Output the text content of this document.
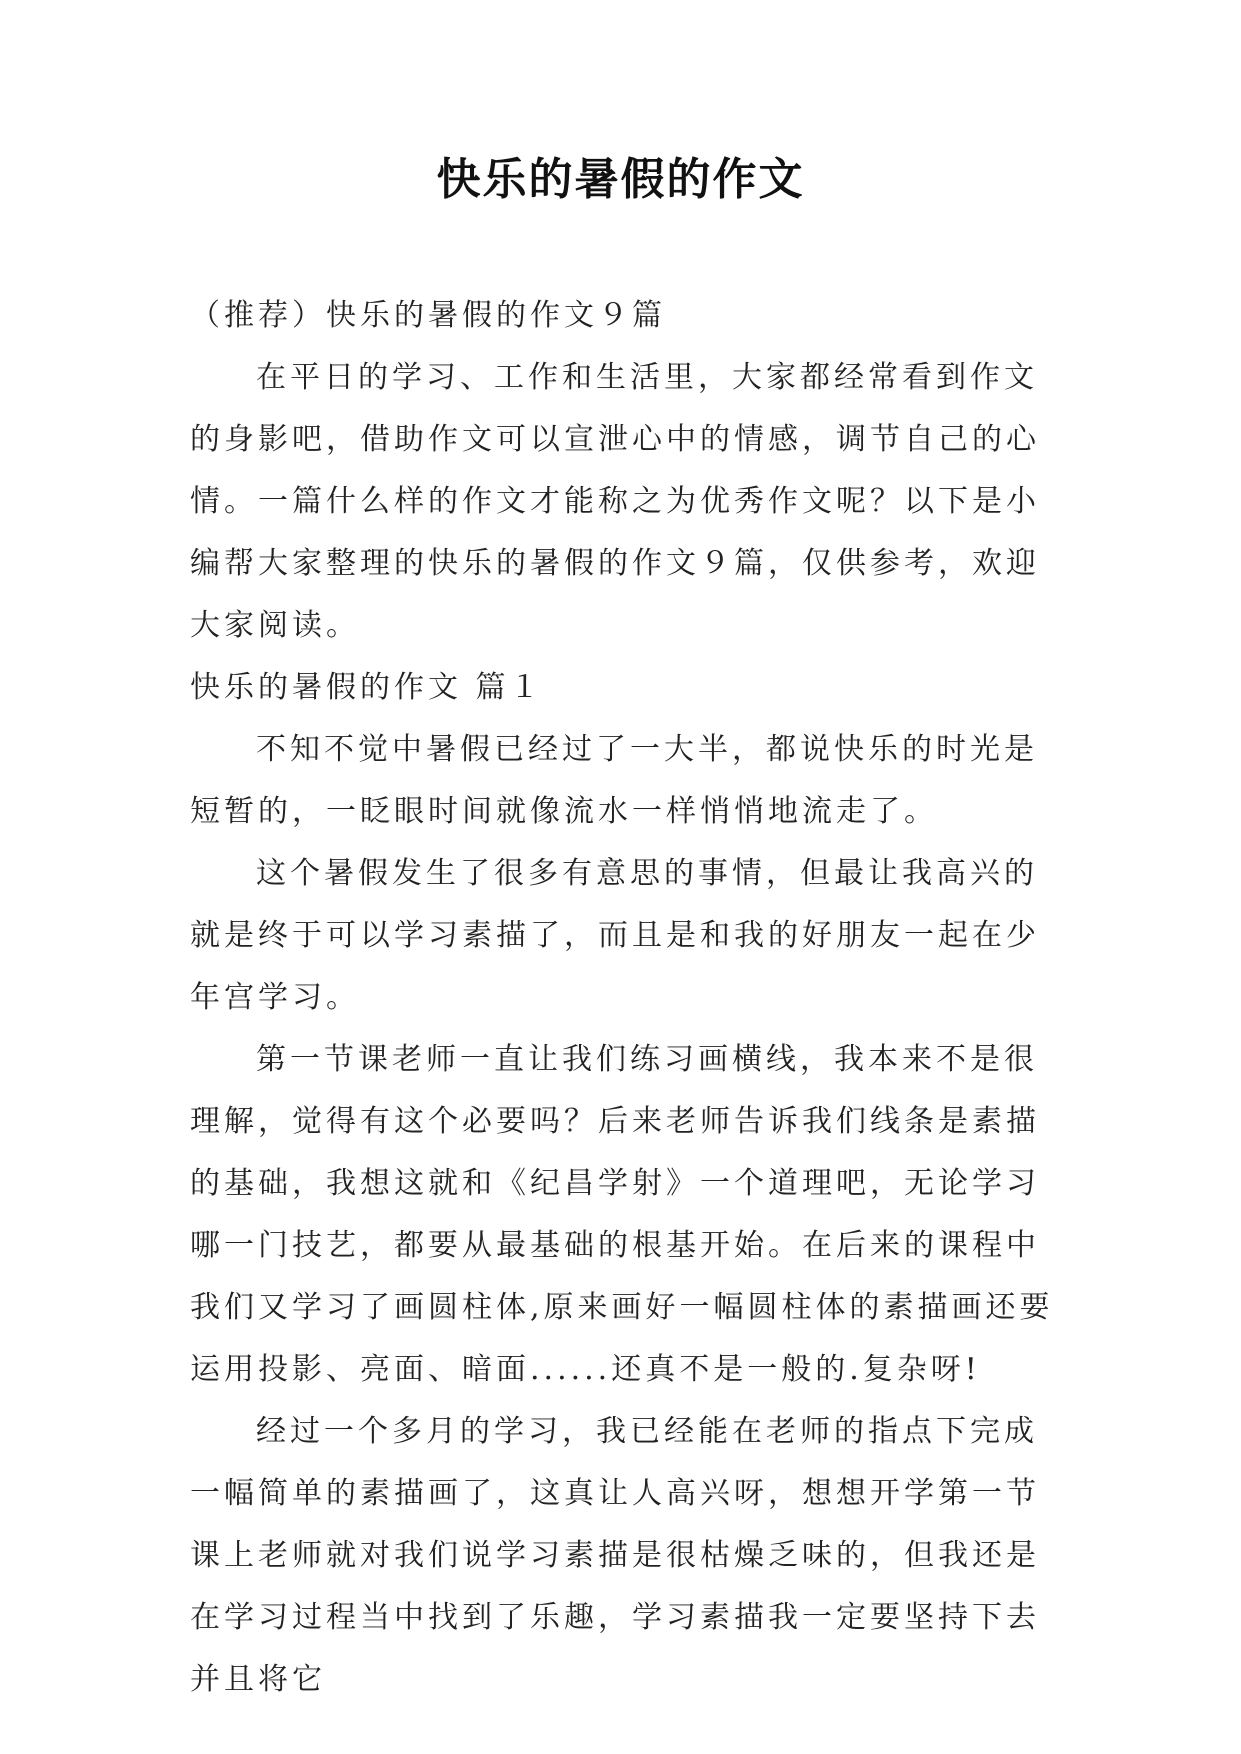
快乐的暑假的作文

（推荐）快乐的暑假的作文９篇

在平日的学习、工作和生活里，大家都经常看到作文的身影吧，借助作文可以宣泄心中的情感，调节自己的心情。一篇什么样的作文才能称之为优秀作文呢？以下是小编帮大家整理的快乐的暑假的作文９篇，仅供参考，欢迎大家阅读。

快乐的暑假的作文 篇１

不知不觉中暑假已经过了一大半，都说快乐的时光是短暂的，一眨眼时间就像流水一样悄悄地流走了。

这个暑假发生了很多有意思的事情，但最让我高兴的就是终于可以学习素描了，而且是和我的好朋友一起在少年宫学习。

第一节课老师一直让我们练习画横线，我本来不是很理解，觉得有这个必要吗？后来老师告诉我们线条是素描的基础，我想这就和《纪昌学射》一个道理吧，无论学习哪一门技艺，都要从最基础的根基开始。在后来的课程中我们又学习了画圆柱体,原来画好一幅圆柱体的素描画还要运用投影、亮面、暗面......还真不是一般的.复杂呀!

经过一个多月的学习，我已经能在老师的指点下完成一幅简单的素描画了，这真让人高兴呀，想想开学第一节课上老师就对我们说学习素描是很枯燥乏味的，但我还是在学习过程当中找到了乐趣，学习素描我一定要坚持下去并且将它
